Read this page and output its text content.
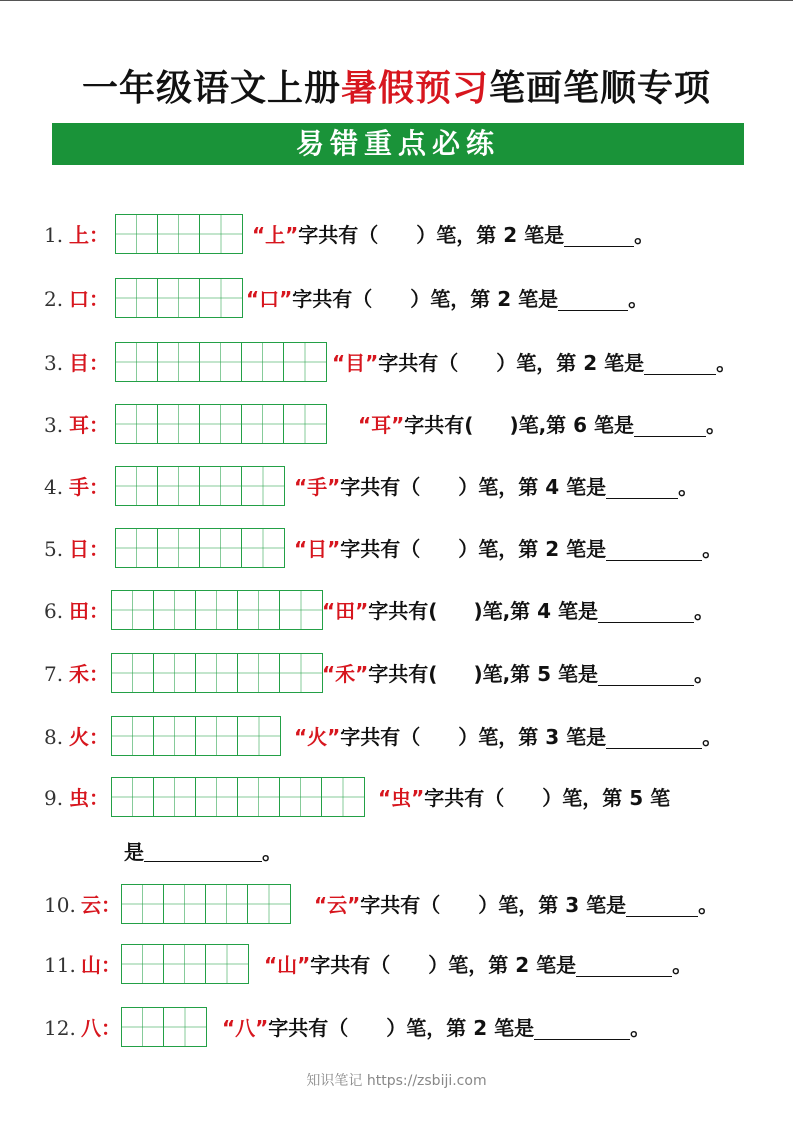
一年级语文上册暑假预习笔画笔顺专项
易错重点必练
1. 上：	“上”字共有（ ）笔，第 2 笔是	。
2. 口：	“口”字共有（ ）笔，第 2 笔是	。
3. 目：	“目”字共有（ ）笔，第 2 笔是	。
3. 耳：	“耳”字共有( )笔,第 6 笔是	。
4. 手：	“手”字共有（ ）笔，第 4 笔是	。
5. 日：	“日”字共有（ ）笔，第 2 笔是	。
6. 田：	“田”字共有( )笔,第 4 笔是	。
7. 禾：	“禾”字共有( )笔,第 5 笔是	。
8. 火：	“火”字共有（ ）笔，第 3 笔是	。
9. 虫：	“虫”字共有（ ）笔，第 5 笔
10. 云：	“云”字共有（ ）笔，第 3 笔是	。
11. 山：	“山”字共有（ ）笔，第 2 笔是	。
12. 八：	“八”字共有（ ）笔，第 2 笔是	。
是	。
知识笔记 https://zsbiji.com
